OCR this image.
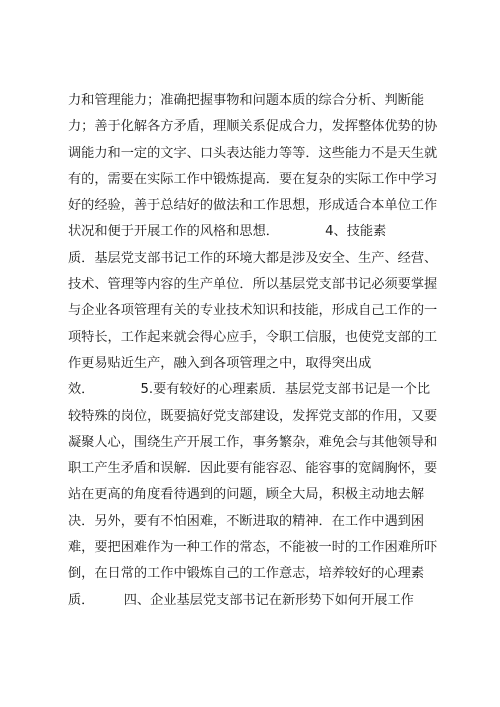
力和管理能力；准确把握事物和问题本质的综合分析、判断能
力；善于化解各方矛盾，理顺关系促成合力，发挥整体优势的协
调能力和一定的文字、口头表达能力等等．这些能力不是天生就
有的，需要在实际工作中锻炼提高．要在复杂的实际工作中学习
好的经验，善于总结好的做法和工作思想，形成适合本单位工作
状况和便于开展工作的风格和思想．           4、技能素
质．基层党支部书记工作的环境大都是涉及安全、生产、经营、
技术、管理等内容的生产单位．所以基层党支部书记必须要掌握
与企业各项管理有关的专业技术知识和技能，形成自己工作的一
项特长，工作起来就会得心应手，令职工信服，也使党支部的工
作更易贴近生产，融入到各项管理之中，取得突出成
效．           5.要有较好的心理素质．基层党支部书记是一个比
较特殊的岗位，既要搞好党支部建设，发挥党支部的作用，又要
凝聚人心，围绕生产开展工作，事务繁杂，难免会与其他领导和
职工产生矛盾和误解．因此要有能容忍、能容事的宽阔胸怀，要
站在更高的角度看待遇到的问题，顾全大局，积极主动地去解
决．另外，要有不怕困难，不断进取的精神．在工作中遇到困
难，要把困难作为一种工作的常态，不能被一时的工作困难所吓
倒，在日常的工作中锻炼自己的工作意志，培养较好的心理素
质．       四、企业基层党支部书记在新形势下如何开展工作
